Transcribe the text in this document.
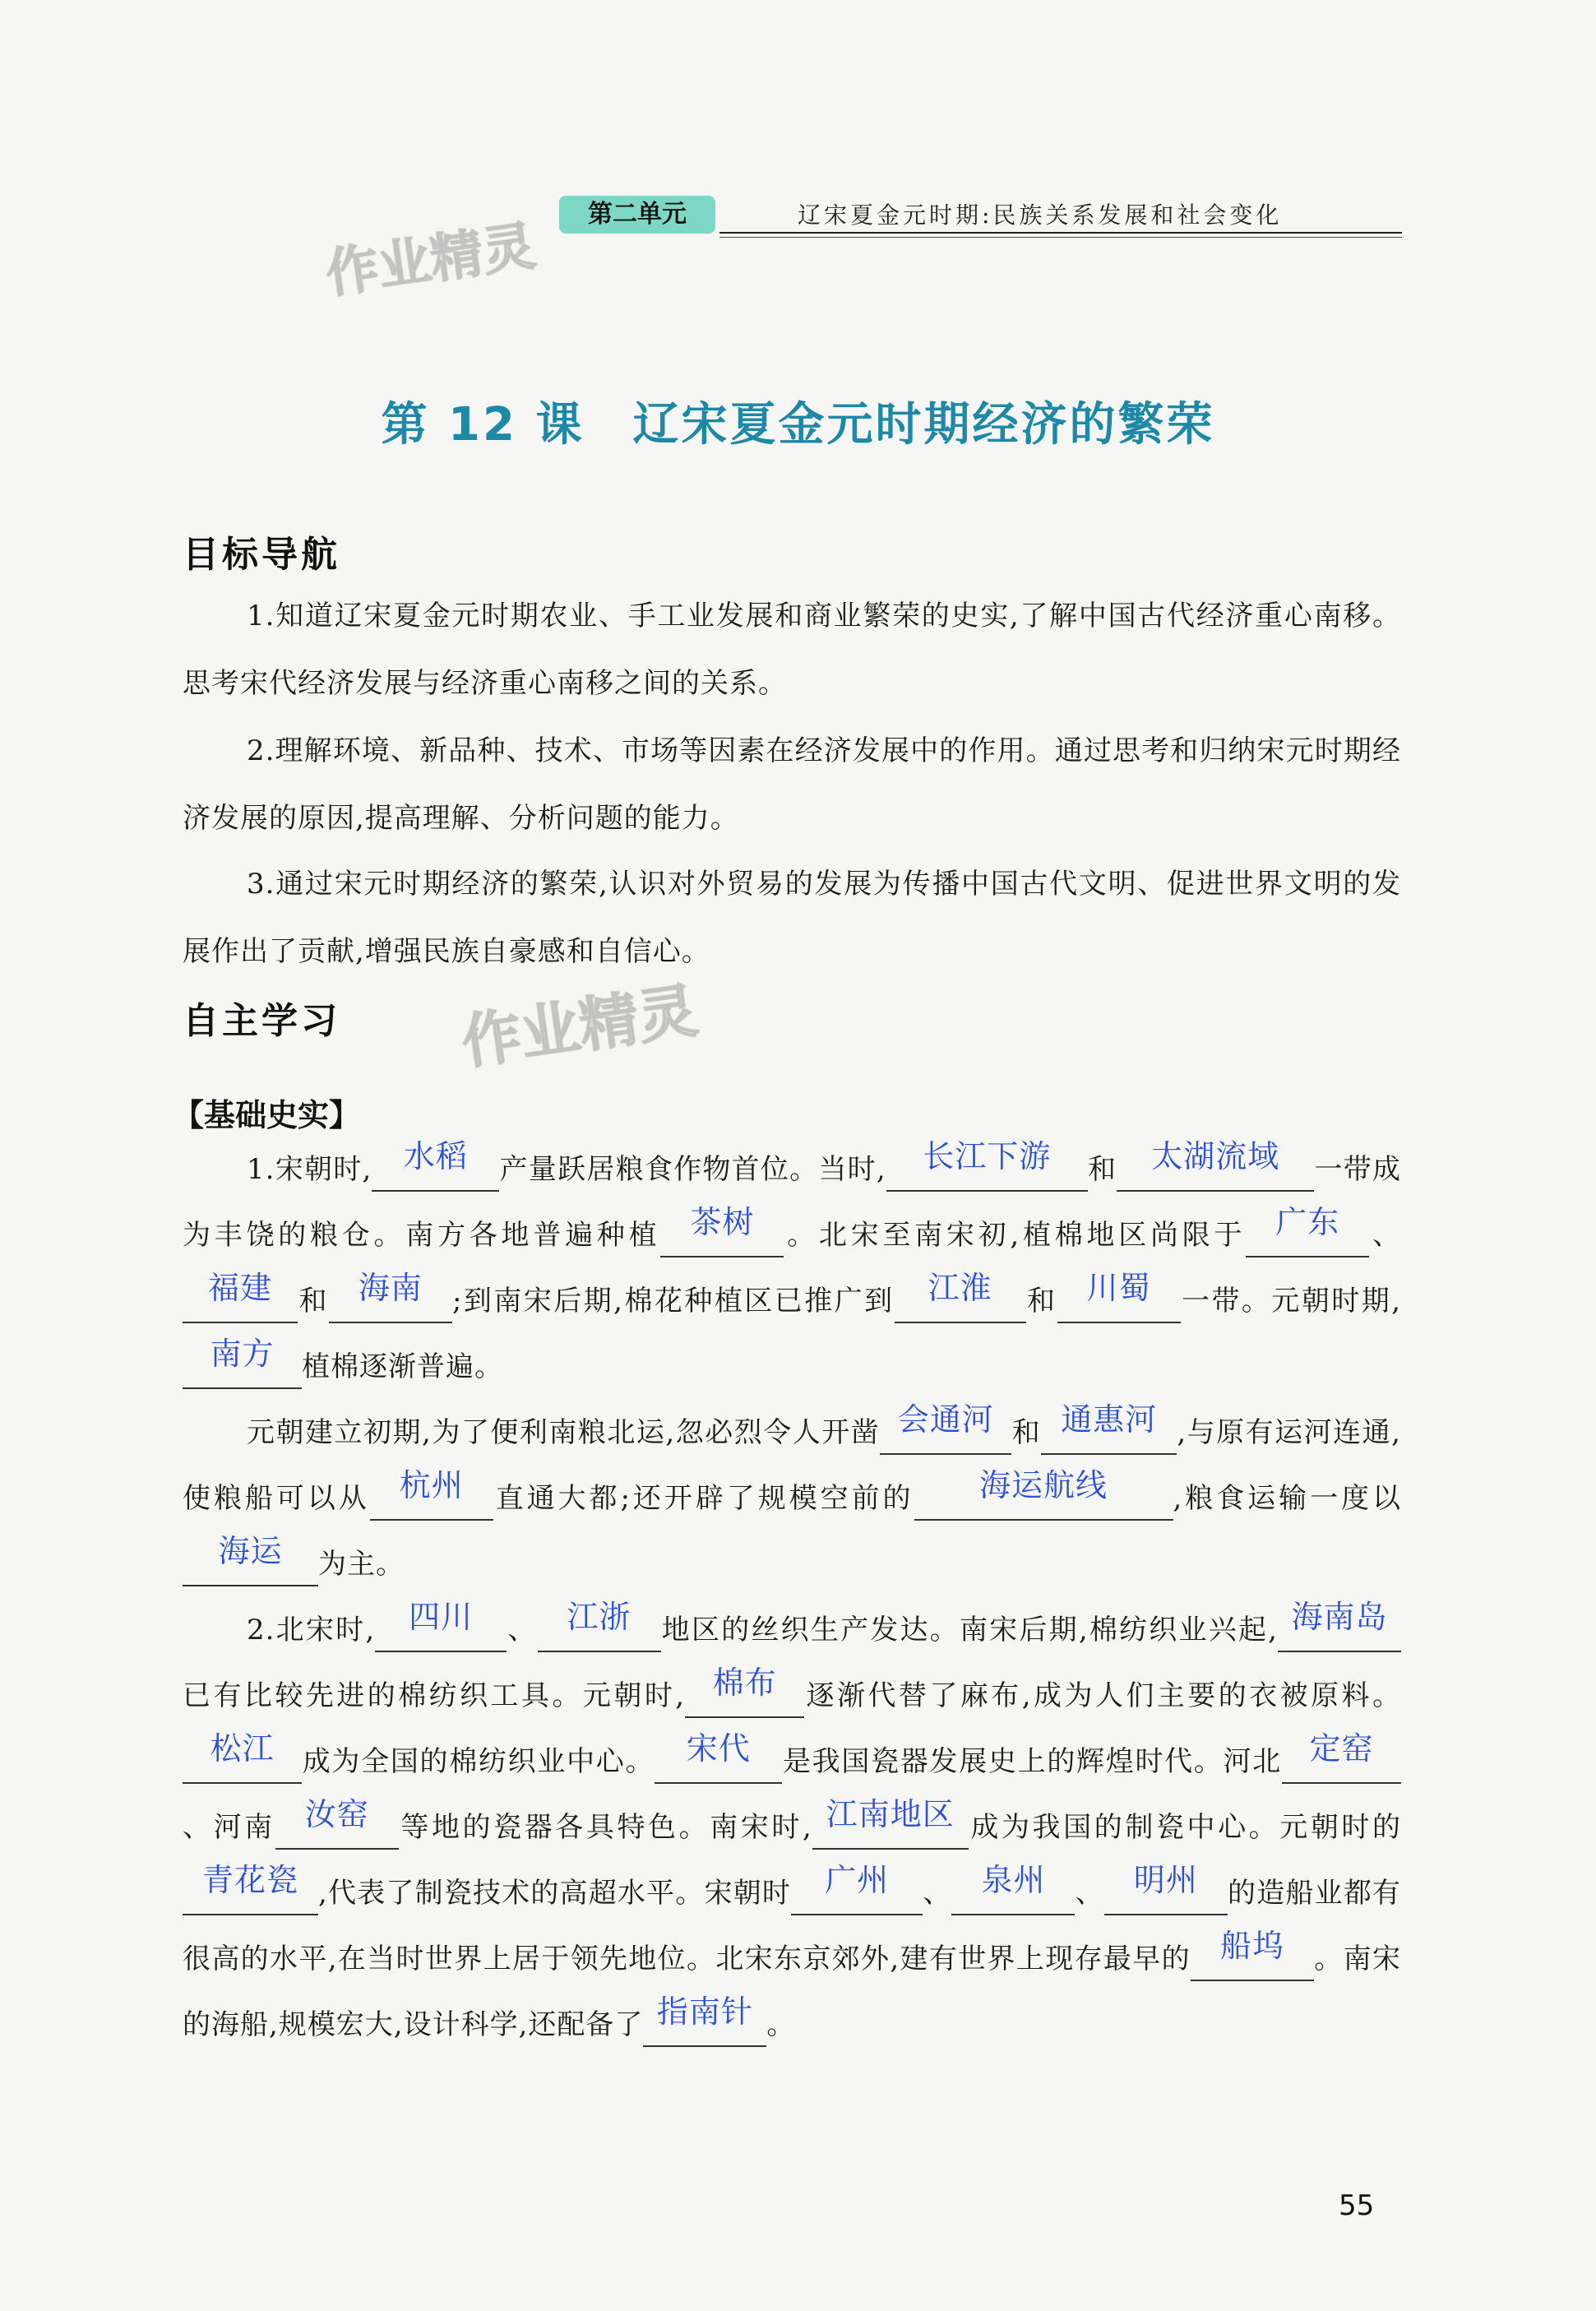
第二单元	辽宋夏金元时期:民族关系发展和社会变化
作业精灵
作业精灵
第 12 课　辽宋夏金元时期经济的繁荣
目标导航
1.知道辽宋夏金元时期农业、手工业发展和商业繁荣的史实,了解中国古代经济重心南移。思考宋代经济发展与经济重心南移之间的关系。
2.理解环境、新品种、技术、市场等因素在经济发展中的作用。通过思考和归纳宋元时期经济发展的原因,提高理解、分析问题的能力。
3.通过宋元时期经济的繁荣,认识对外贸易的发展为传播中国古代文明、促进世界文明的发展作出了贡献,增强民族自豪感和自信心。
自主学习
【基础史实】
1.宋朝时, 水稻 产量跃居粮食作物首位。当时, 长江下游 和 太湖流域 一带成为丰饶的粮仓。南方各地普遍种植 茶树 。北宋至南宋初,植棉地区尚限于 广东 、福建 和 海南 ;到南宋后期,棉花种植区已推广到 江淮 和 川蜀 一带。元朝时期,南方 植棉逐渐普遍。
元朝建立初期,为了便利南粮北运,忽必烈令人开凿 会通河 和 通惠河 ,与原有运河连通,使粮船可以从 杭州 直通大都;还开辟了规模空前的 海运航线 ,粮食运输一度以海运 为主。
2.北宋时, 四川 、 江浙 地区的丝织生产发达。南宋后期,棉纺织业兴起, 海南岛已有比较先进的棉纺织工具。元朝时, 棉布 逐渐代替了麻布,成为人们主要的衣被原料。松江 成为全国的棉纺织业中心。 宋代 是我国瓷器发展史上的辉煌时代。河北 定窑、河南 汝窑 等地的瓷器各具特色。南宋时, 江南地区 成为我国的制瓷中心。元朝时的青花瓷 ,代表了制瓷技术的高超水平。宋朝时 广州 、 泉州 、 明州 的造船业都有很高的水平,在当时世界上居于领先地位。北宋东京郊外,建有世界上现存最早的 船坞 。南宋的海船,规模宏大,设计科学,还配备了 指南针 。
55
